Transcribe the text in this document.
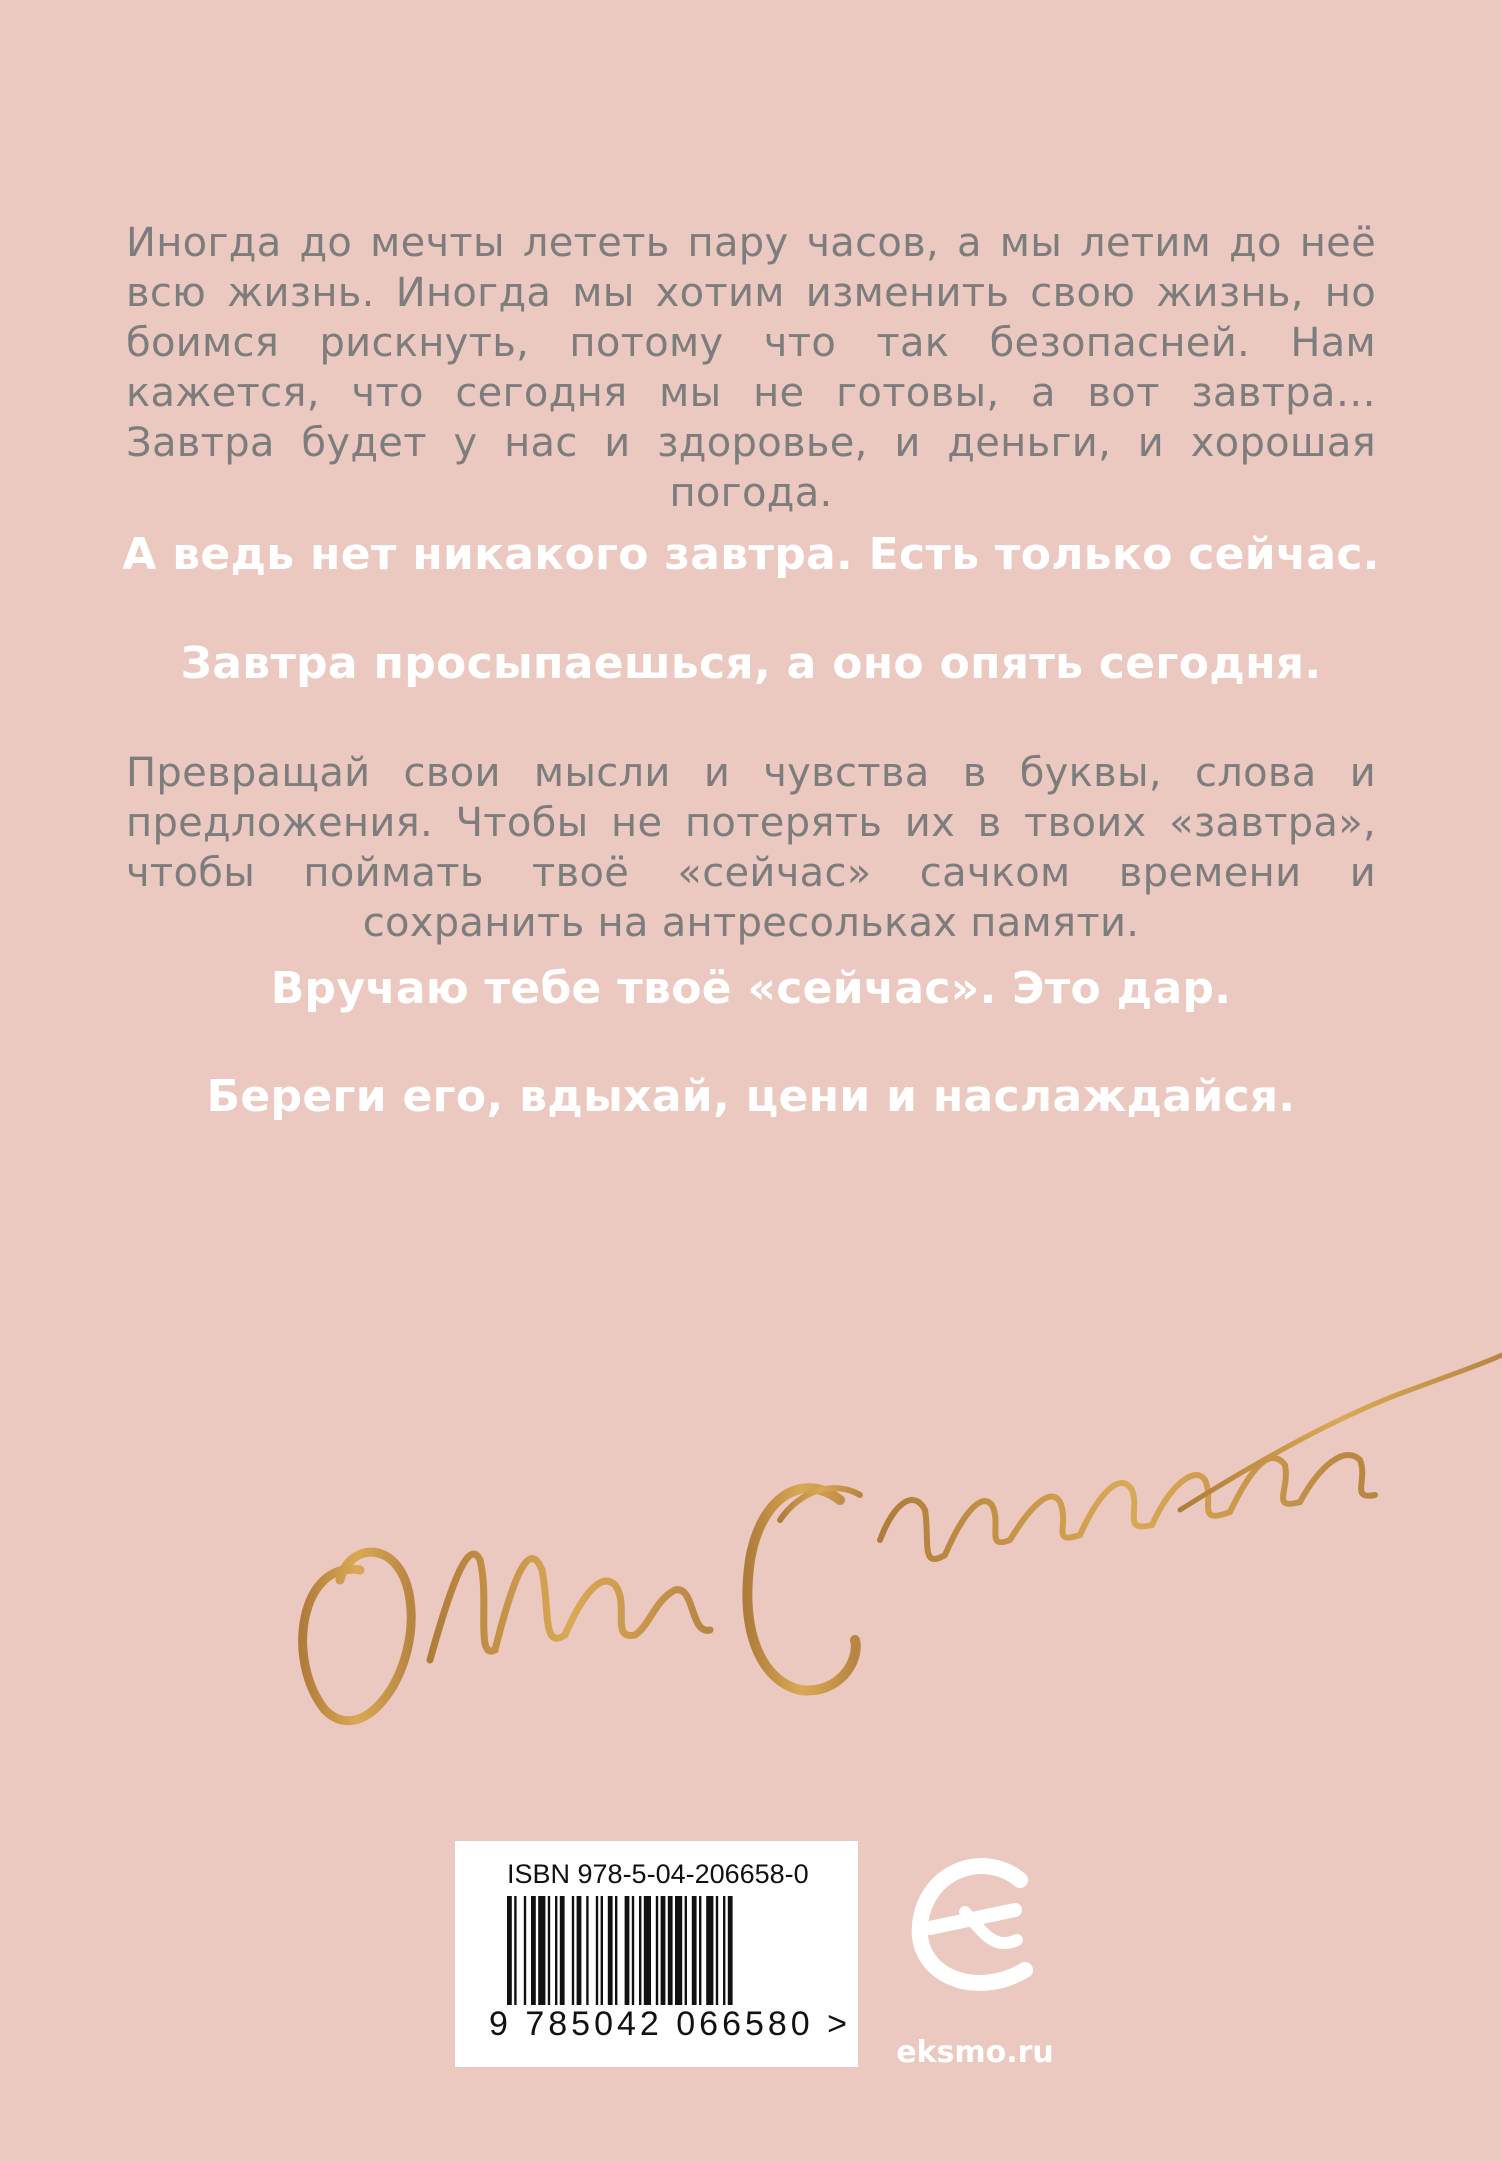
Иногда до мечты лететь пару часов, а мы летим до неё всю жизнь. Иногда мы хотим изменить свою жизнь, но боимся рискнуть, потому что так безопасней. Нам кажется, что сегодня мы не готовы, а вот завтра… Завтра будет у нас и здоровье, и деньги, и хорошая погода.
А ведь нет никакого завтра. Есть только сейчас.
Завтра просыпаешься, а оно опять сегодня.
Превращай свои мысли и чувства в буквы, слова и предложения. Чтобы не потерять их в твоих «завтра», чтобы поймать твоё «сейчас» сачком времени и сохранить на антресольках памяти.
Вручаю тебе твоё «сейчас». Это дар.
Береги его, вдыхай, цени и наслаждайся.
ISBN 978-5-04-206658-0
9 785042 066580 >
eksmo.ru
